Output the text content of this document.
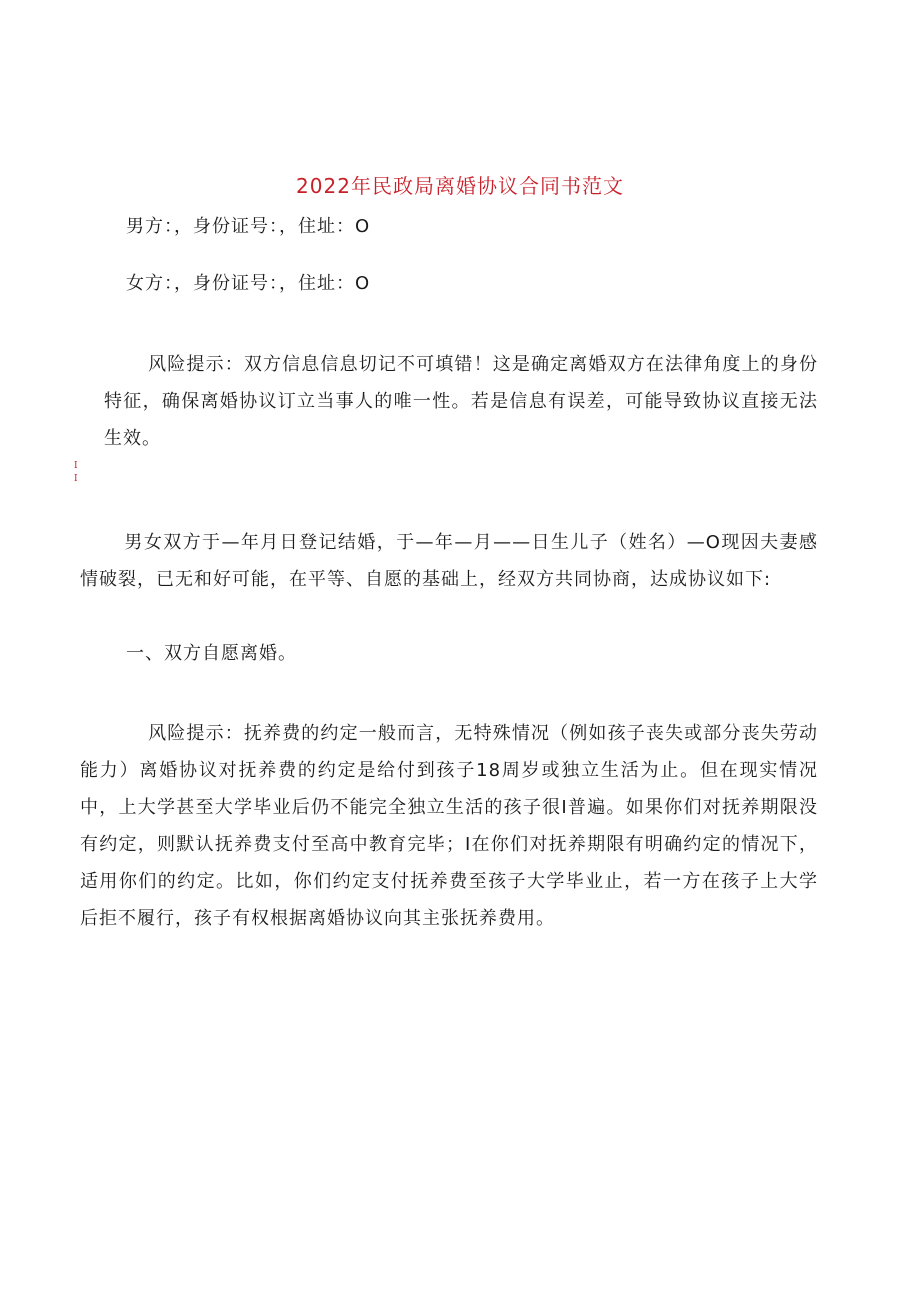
2022年民政局离婚协议合同书范文

男方：，身份证号：，住址：O

女方：，身份证号：，住址：O

风险提示：双方信息信息切记不可填错！这是确定离婚双方在法律角度上的身份特征，确保离婚协议订立当事人的唯一性。若是信息有误差，可能导致协议直接无法生效。

I
I

男女双方于—年月日登记结婚，于—年—月——日生儿子（姓名）—O现因夫妻感情破裂，已无和好可能，在平等、自愿的基础上，经双方共同协商，达成协议如下:

一、双方自愿离婚。

风险提示：抚养费的约定一般而言，无特殊情况（例如孩子丧失或部分丧失劳动能力）离婚协议对抚养费的约定是给付到孩子18周岁或独立生活为止。但在现实情况中，上大学甚至大学毕业后仍不能完全独立生活的孩子很I普遍。如果你们对抚养期限没有约定，则默认抚养费支付至高中教育完毕；I在你们对抚养期限有明确约定的情况下，适用你们的约定。比如，你们约定支付抚养费至孩子大学毕业止，若一方在孩子上大学后拒不履行，孩子有权根据离婚协议向其主张抚养费用。
